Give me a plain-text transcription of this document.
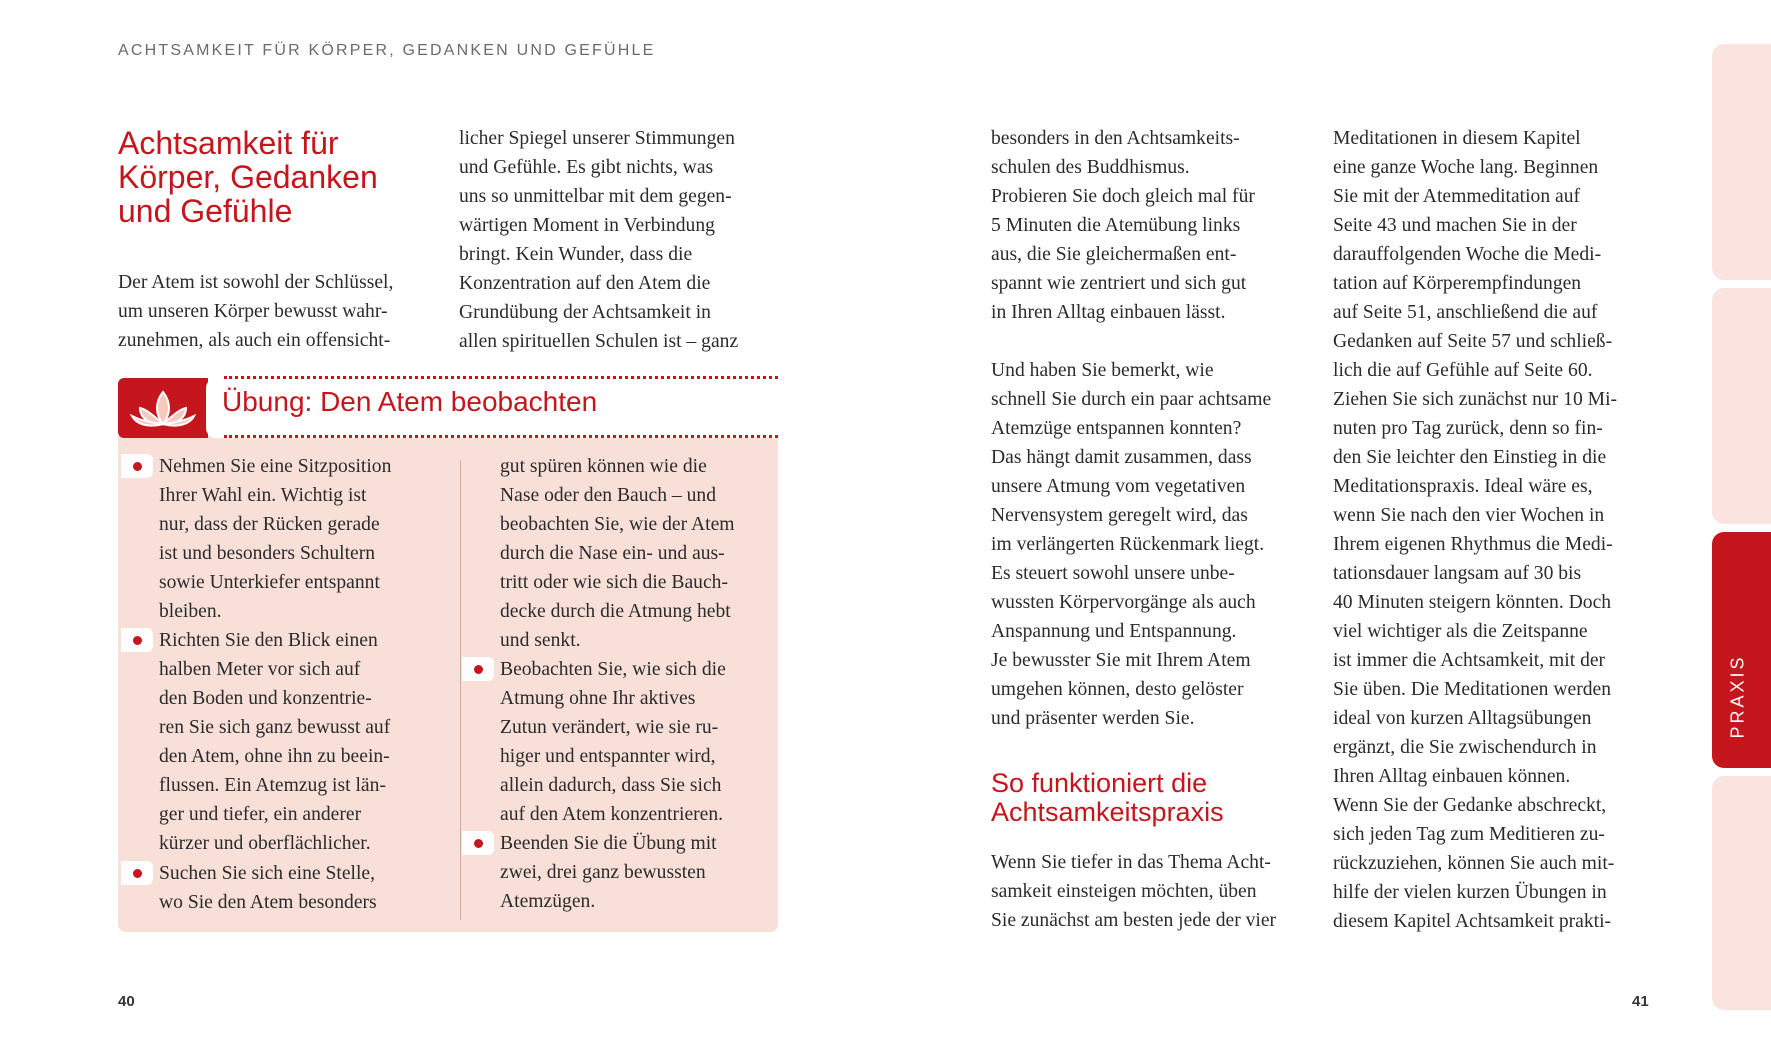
ACHTSAMKEIT FÜR KÖRPER, GEDANKEN UND GEFÜHLE
Achtsamkeit für
Körper, Gedanken
und Gefühle

Der Atem ist sowohl der Schlüssel,
um unseren Körper bewusst wahr-
zunehmen, als auch ein offensicht-

licher Spiegel unserer Stimmungen
und Gefühle. Es gibt nichts, was
uns so unmittelbar mit dem gegen-
wärtigen Moment in Verbindung
bringt. Kein Wunder, dass die
Konzentration auf den Atem die
Grundübung der Achtsamkeit in
allen spirituellen Schulen ist – ganz

Übung: Den Atem beobachten

Nehmen Sie eine Sitzposition
Ihrer Wahl ein. Wichtig ist
nur, dass der Rücken gerade
ist und besonders Schultern
sowie Unterkiefer entspannt
bleiben.

Richten Sie den Blick einen
halben Meter vor sich auf
den Boden und konzentrie-
ren Sie sich ganz bewusst auf
den Atem, ohne ihn zu beein-
flussen. Ein Atemzug ist län-
ger und tiefer, ein anderer
kürzer und oberflächlicher.

Suchen Sie sich eine Stelle,
wo Sie den Atem besonders

gut spüren können wie die
Nase oder den Bauch – und
beobachten Sie, wie der Atem
durch die Nase ein- und aus-
tritt oder wie sich die Bauch-
decke durch die Atmung hebt
und senkt.

Beobachten Sie, wie sich die
Atmung ohne Ihr aktives
Zutun verändert, wie sie ru-
higer und entspannter wird,
allein dadurch, dass Sie sich
auf den Atem konzentrieren.

Beenden Sie die Übung mit
zwei, drei ganz bewussten
Atemzügen.

40

besonders in den Achtsamkeits-
schulen des Buddhismus.
Probieren Sie doch gleich mal für
5 Minuten die Atemübung links
aus, die Sie gleichermaßen ent-
spannt wie zentriert und sich gut
in Ihren Alltag einbauen lässt.

Und haben Sie bemerkt, wie
schnell Sie durch ein paar achtsame
Atemzüge entspannen konnten?
Das hängt damit zusammen, dass
unsere Atmung vom vegetativen
Nervensystem geregelt wird, das
im verlängerten Rückenmark liegt.
Es steuert sowohl unsere unbe-
wussten Körpervorgänge als auch
Anspannung und Entspannung.
Je bewusster Sie mit Ihrem Atem
umgehen können, desto gelöster
und präsenter werden Sie.

So funktioniert die
Achtsamkeitspraxis

Wenn Sie tiefer in das Thema Acht-
samkeit einsteigen möchten, üben
Sie zunächst am besten jede der vier

Meditationen in diesem Kapitel
eine ganze Woche lang. Beginnen
Sie mit der Atemmeditation auf
Seite 43 und machen Sie in der
darauffolgenden Woche die Medi-
tation auf Körperempfindungen
auf Seite 51, anschließend die auf
Gedanken auf Seite 57 und schließ-
lich die auf Gefühle auf Seite 60.
Ziehen Sie sich zunächst nur 10 Mi-
nuten pro Tag zurück, denn so fin-
den Sie leichter den Einstieg in die
Meditationspraxis. Ideal wäre es,
wenn Sie nach den vier Wochen in
Ihrem eigenen Rhythmus die Medi-
tationsdauer langsam auf 30 bis
40 Minuten steigern könnten. Doch
viel wichtiger als die Zeitspanne
ist immer die Achtsamkeit, mit der
Sie üben. Die Meditationen werden
ideal von kurzen Alltagsübungen
ergänzt, die Sie zwischendurch in
Ihren Alltag einbauen können.
Wenn Sie der Gedanke abschreckt,
sich jeden Tag zum Meditieren zu-
rückzuziehen, können Sie auch mit-
hilfe der vielen kurzen Übungen in
diesem Kapitel Achtsamkeit prakti-

41
PRAXIS
